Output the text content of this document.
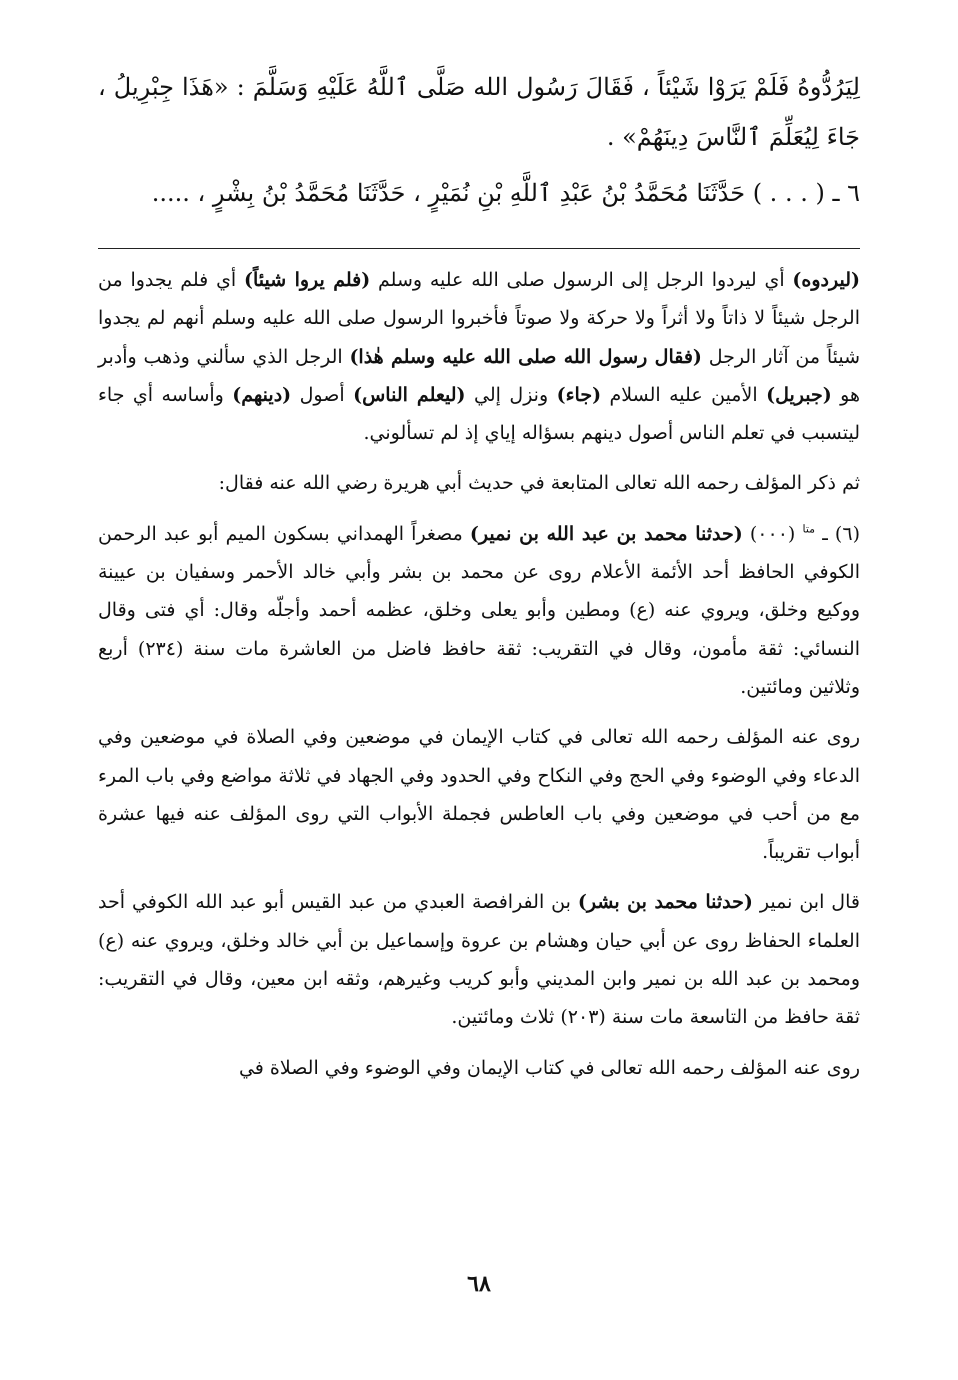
لِيَرُدُّوهُ فَلَمْ يَرَوْا شَيْئاً ، فَقَالَ رَسُول الله صَلَّى ٱللَّهُ عَلَيْهِ وَسَلَّمَ : «هَذَا جِبْرِيلُ ، جَاءَ لِيُعَلِّمَ ٱلنَّاسَ دِينَهُمْ» .

٦ ـ ( . . . ) حَدَّثَنَا مُحَمَّدُ بْنُ عَبْدِ ٱللَّهِ بْنِ نُمَيْرٍ ، حَدَّثَنَا مُحَمَّدُ بْنُ بِشْرٍ ، .....

(ليردوه) أي ليردوا الرجل إلى الرسول صلى الله عليه وسلم (فلم يروا شيئاً) أي فلم يجدوا من الرجل شيئاً لا ذاتاً ولا أثراً ولا حركة ولا صوتاً فأخبروا الرسول صلى الله عليه وسلم أنهم لم يجدوا شيئاً من آثار الرجل (فقال رسول الله صلى الله عليه وسلم هٰذا) الرجل الذي سألني وذهب وأدبر هو (جبريل) الأمين عليه السلام (جاء) ونزل إلي (ليعلم الناس) أصول (دينهم) وأساسه أي جاء ليتسبب في تعلم الناس أصول دينهم بسؤاله إياي إذ لم تسألوني.

ثم ذكر المؤلف رحمه الله تعالى المتابعة في حديث أبي هريرة رضي الله عنه فقال:

(٦) ـ $^{متا}$ (٠٠٠) (حدثنا محمد بن عبد الله بن نمير) مصغراً الهمداني بسكون الميم أبو عبد الرحمن الكوفي الحافظ أحد الأئمة الأعلام روى عن محمد بن بشر وأبي خالد الأحمر وسفيان بن عيينة ووكيع وخلق، ويروي عنه (ع) ومطين وأبو يعلى وخلق، عظمه أحمد وأجلّه وقال: أي فتى وقال النسائي: ثقة مأمون، وقال في التقريب: ثقة حافظ فاضل من العاشرة مات سنة (٢٣٤) أربع وثلاثين ومائتين.

روى عنه المؤلف رحمه الله تعالى في كتاب الإيمان في موضعين وفي الصلاة في موضعين وفي الدعاء وفي الوضوء وفي الحج وفي النكاح وفي الحدود وفي الجهاد في ثلاثة مواضع وفي باب المرء مع من أحب في موضعين وفي باب العاطس فجملة الأبواب التي روى المؤلف عنه فيها عشرة أبواب تقريباً.

قال ابن نمير (حدثنا محمد بن بشر) بن الفرافصة العبدي من عبد القيس أبو عبد الله الكوفي أحد العلماء الحفاظ روى عن أبي حيان وهشام بن عروة وإسماعيل بن أبي خالد وخلق، ويروي عنه (ع) ومحمد بن عبد الله بن نمير وابن المديني وأبو كريب وغيرهم، وثقه ابن معين، وقال في التقريب: ثقة حافظ من التاسعة مات سنة (٢٠٣) ثلاث ومائتين.

روى عنه المؤلف رحمه الله تعالى في كتاب الإيمان وفي الوضوء وفي الصلاة في

٦٨
